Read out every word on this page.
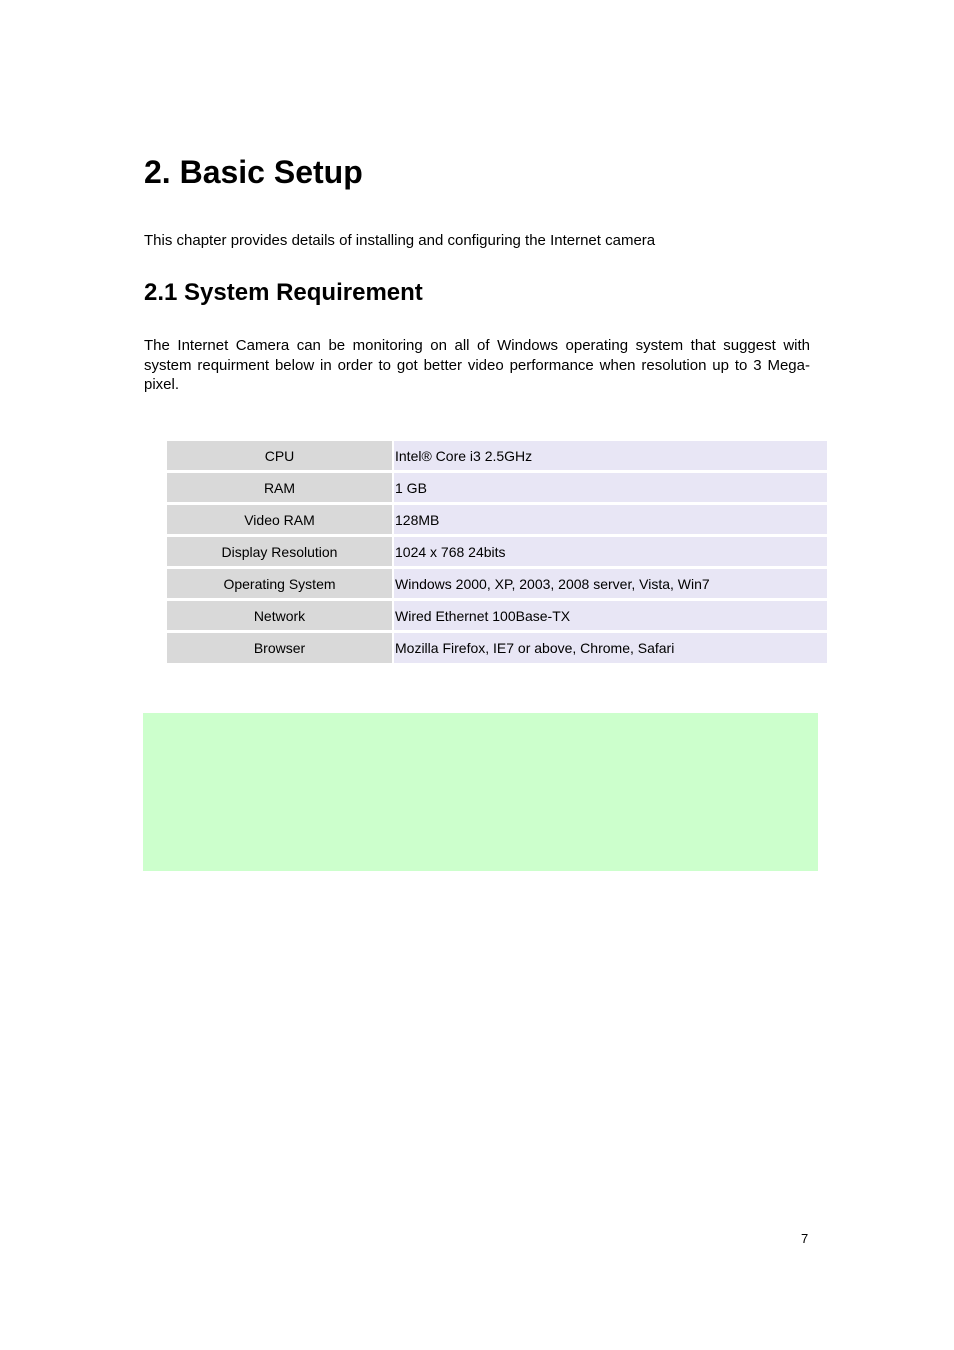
2. Basic Setup

This chapter provides details of installing and configuring the Internet camera

2.1 System Requirement

The Internet Camera can be monitoring on all of Windows operating system that suggest with system requirment below in order to got better video performance when resolution up to 3 Mega-pixel.

CPU	Intel® Core i3 2.5GHz
RAM	1 GB
Video RAM	128MB
Display Resolution	1024 x 768 24bits
Operating System	Windows 2000, XP, 2003, 2008 server, Vista, Win7
Network	Wired Ethernet 100Base-TX
Browser	Mozilla Firefox, IE7 or above, Chrome, Safari
7
